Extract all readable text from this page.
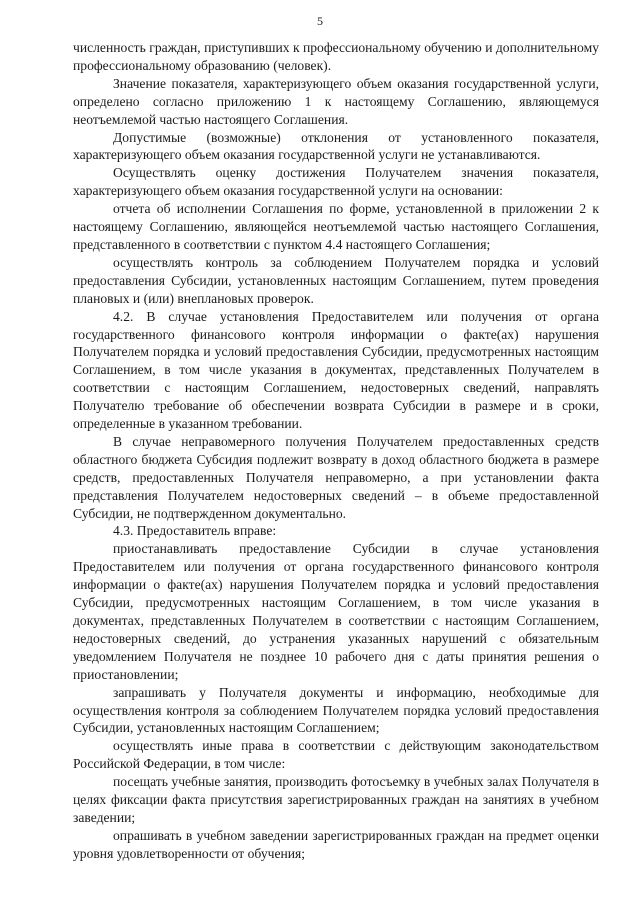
5

численность граждан, приступивших к профессиональному обучению и дополнительному профессиональному образованию (человек).

Значение показателя, характеризующего объем оказания государственной услуги, определено согласно приложению 1 к настоящему Соглашению, являющемуся неотъемлемой частью настоящего Соглашения.

Допустимые (возможные) отклонения от установленного показателя, характеризующего объем оказания государственной услуги не устанавливаются.

Осуществлять оценку достижения Получателем значения показателя, характеризующего объем оказания государственной услуги на основании:

отчета об исполнении Соглашения по форме, установленной в приложении 2 к настоящему Соглашению, являющейся неотъемлемой частью настоящего Соглашения, представленного в соответствии с пунктом 4.4 настоящего Соглашения;

осуществлять контроль за соблюдением Получателем порядка и условий предоставления Субсидии, установленных настоящим Соглашением, путем проведения плановых и (или) внеплановых проверок.

4.2. В случае установления Предоставителем или получения от органа государственного финансового контроля информации о факте(ах) нарушения Получателем порядка и условий предоставления Субсидии, предусмотренных настоящим Соглашением, в том числе указания в документах, представленных Получателем в соответствии с настоящим Соглашением, недостоверных сведений, направлять Получателю требование об обеспечении возврата Субсидии в размере и в сроки, определенные в указанном требовании.

В случае неправомерного получения Получателем предоставленных средств областного бюджета Субсидия подлежит возврату в доход областного бюджета в размере средств, предоставленных Получателя неправомерно, а при установлении факта представления Получателем недостоверных сведений – в объеме предоставленной Субсидии, не подтвержденном документально.

4.3. Предоставитель вправе:

приостанавливать предоставление Субсидии в случае установления Предоставителем или получения от органа государственного финансового контроля информации о факте(ах) нарушения Получателем порядка и условий предоставления Субсидии, предусмотренных настоящим Соглашением, в том числе указания в документах, представленных Получателем в соответствии с настоящим Соглашением, недостоверных сведений, до устранения указанных нарушений с обязательным уведомлением Получателя не позднее 10 рабочего дня с даты принятия решения о приостановлении;

запрашивать у Получателя документы и информацию, необходимые для осуществления контроля за соблюдением Получателем порядка условий предоставления Субсидии, установленных настоящим Соглашением;

осуществлять иные права в соответствии с действующим законодательством Российской Федерации, в том числе:

посещать учебные занятия, производить фотосъемку в учебных залах Получателя в целях фиксации факта присутствия зарегистрированных граждан на занятиях в учебном заведении;

опрашивать в учебном заведении зарегистрированных граждан на предмет оценки уровня удовлетворенности от обучения;
